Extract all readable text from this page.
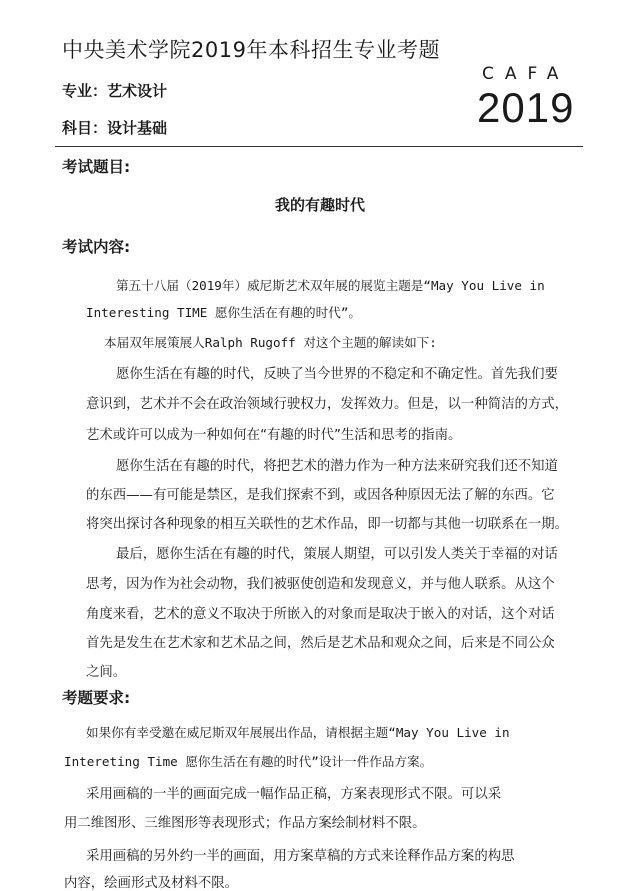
中央美术学院2019年本科招生专业考题
专业：艺术设计
科目：设计基础
CAFA
2019
考试题目:
我的有趣时代
考试内容:
第五十八届（2019年）威尼斯艺术双年展的展览主题是“May You Live in
Interesting TIME 愿你生活在有趣的时代”。
本届双年展策展人Ralph Rugoff 对这个主题的解读如下:
愿你生活在有趣的时代，反映了当今世界的不稳定和不确定性。首先我们要
意识到，艺术并不会在政治领域行驶权力，发挥效力。但是，以一种简洁的方式，
艺术或许可以成为一种如何在“有趣的时代”生活和思考的指南。
愿你生活在有趣的时代，将把艺术的潜力作为一种方法来研究我们还不知道
的东西——有可能是禁区，是我们探索不到，或因各种原因无法了解的东西。它
将突出探讨各种现象的相互关联性的艺术作品，即一切都与其他一切联系在一期。
最后，愿你生活在有趣的时代，策展人期望，可以引发人类关于幸福的对话
思考，因为作为社会动物，我们被驱使创造和发现意义，并与他人联系。从这个
角度来看，艺术的意义不取决于所嵌入的对象而是取决于嵌入的对话，这个对话
首先是发生在艺术家和艺术品之间，然后是艺术品和观众之间，后来是不同公众
之间。
考题要求:
如果你有幸受邀在威尼斯双年展展出作品，请根据主题“May You Live in
Intereting Time 愿你生活在有趣的时代”设计一件作品方案。
采用画稿的一半的画面完成一幅作品正稿，方案表现形式不限。可以采
用二维图形、三维图形等表现形式；作品方案绘制材料不限。
采用画稿的另外约一半的画面，用方案草稿的方式来诠释作品方案的构思
内容，绘画形式及材料不限。
